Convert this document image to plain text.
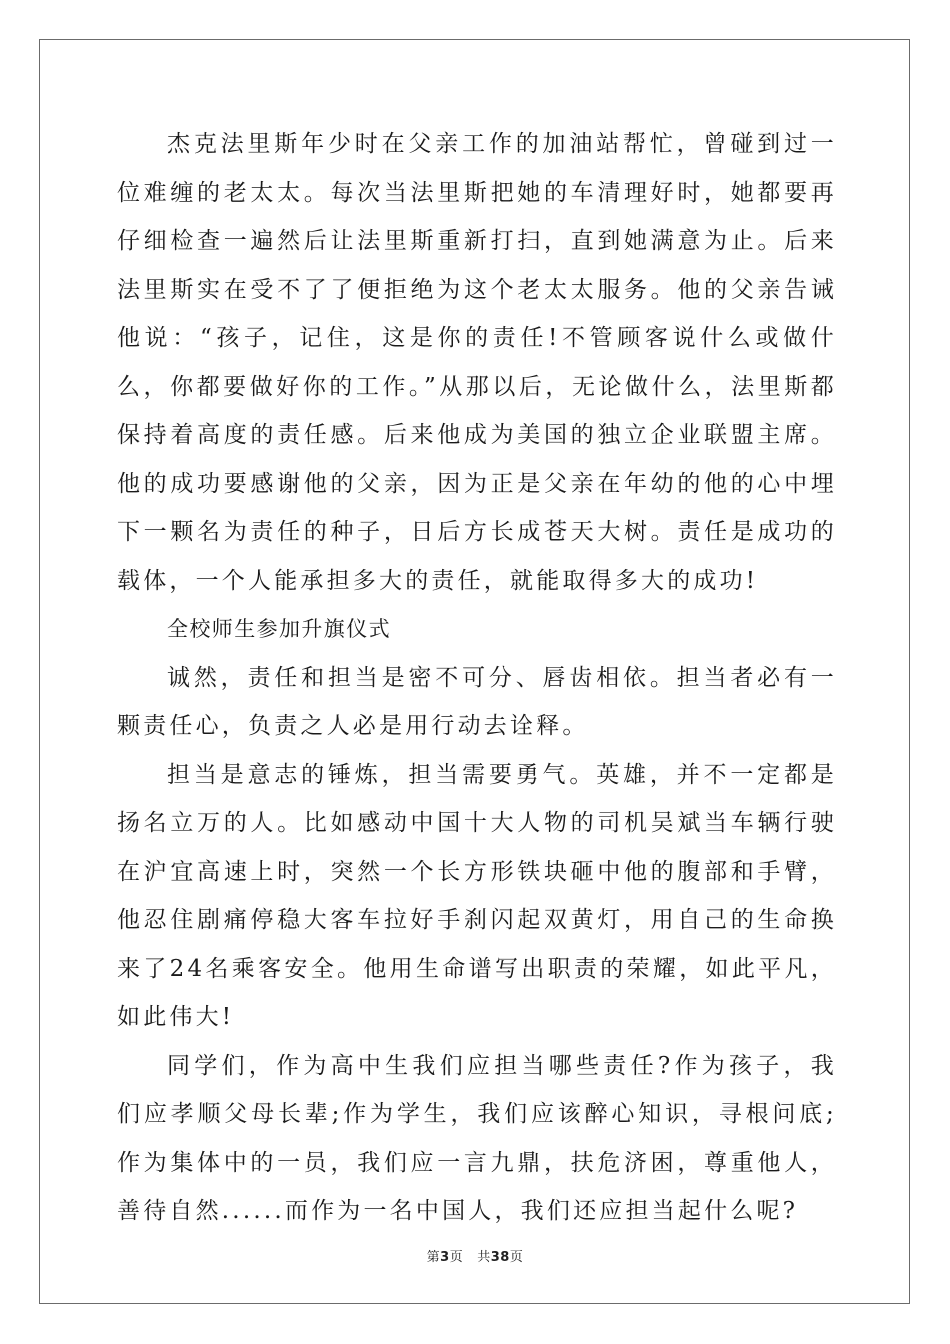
杰克法里斯年少时在父亲工作的加油站帮忙，曾碰到过一位难缠的老太太。每次当法里斯把她的车清理好时，她都要再仔细检查一遍然后让法里斯重新打扫，直到她满意为止。后来法里斯实在受不了了便拒绝为这个老太太服务。他的父亲告诫他说：“孩子，记住，这是你的责任!不管顾客说什么或做什么，你都要做好你的工作。”从那以后，无论做什么，法里斯都保持着高度的责任感。后来他成为美国的独立企业联盟主席。他的成功要感谢他的父亲，因为正是父亲在年幼的他的心中埋下一颗名为责任的种子，日后方长成苍天大树。责任是成功的载体，一个人能承担多大的责任，就能取得多大的成功!

全校师生参加升旗仪式

诚然，责任和担当是密不可分、唇齿相依。担当者必有一颗责任心，负责之人必是用行动去诠释。

担当是意志的锤炼，担当需要勇气。英雄，并不一定都是扬名立万的人。比如感动中国十大人物的司机吴斌当车辆行驶在沪宜高速上时，突然一个长方形铁块砸中他的腹部和手臂，他忍住剧痛停稳大客车拉好手刹闪起双黄灯，用自己的生命换来了24名乘客安全。他用生命谱写出职责的荣耀，如此平凡，如此伟大!

同学们，作为高中生我们应担当哪些责任?作为孩子，我们应孝顺父母长辈;作为学生，我们应该醉心知识，寻根问底;作为集体中的一员，我们应一言九鼎，扶危济困，尊重他人，善待自然......而作为一名中国人，我们还应担当起什么呢?

第3页 共38页
